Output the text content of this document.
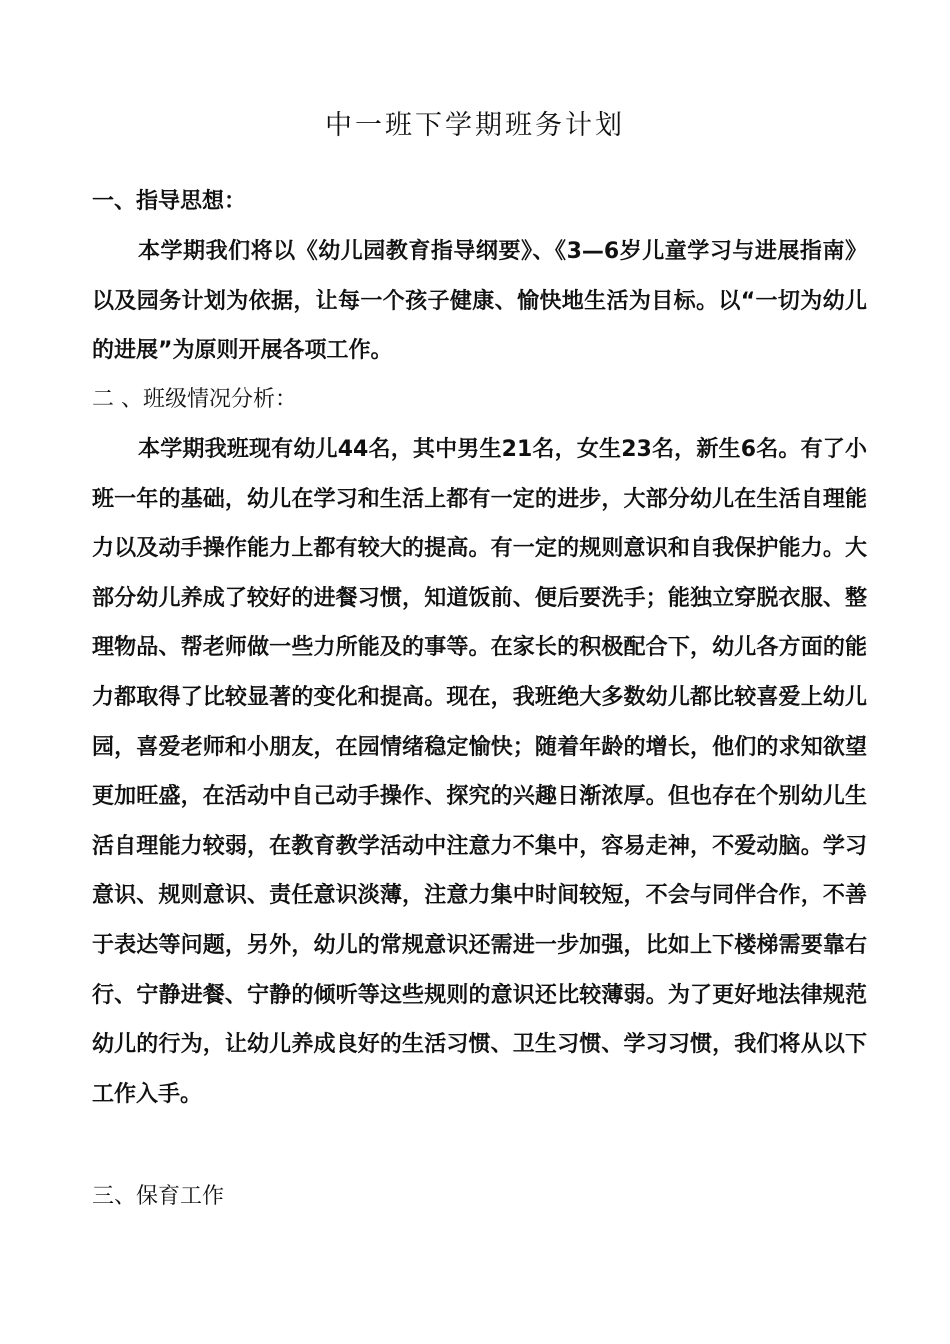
中一班下学期班务计划
一、指导思想：

本学期我们将以《幼儿园教育指导纲要》、《3—6岁儿童学习与进展指南》以及园务计划为依据，让每一个孩子健康、愉快地生活为目标。以“一切为幼儿的进展”为原则开展各项工作。

二 、班级情况分析：

本学期我班现有幼儿44名，其中男生21名，女生23名，新生6名。有了小班一年的基础，幼儿在学习和生活上都有一定的进步，大部分幼儿在生活自理能力以及动手操作能力上都有较大的提高。有一定的规则意识和自我保护能力。大部分幼儿养成了较好的进餐习惯，知道饭前、便后要洗手；能独立穿脱衣服、整理物品、帮老师做一些力所能及的事等。在家长的积极配合下，幼儿各方面的能力都取得了比较显著的变化和提高。现在，我班绝大多数幼儿都比较喜爱上幼儿园，喜爱老师和小朋友，在园情绪稳定愉快；随着年龄的增长，他们的求知欲望更加旺盛，在活动中自己动手操作、探究的兴趣日渐浓厚。但也存在个别幼儿生活自理能力较弱，在教育教学活动中注意力不集中，容易走神，不爱动脑。学习意识、规则意识、责任意识淡薄，注意力集中时间较短，不会与同伴合作，不善于表达等问题，另外，幼儿的常规意识还需进一步加强，比如上下楼梯需要靠右行、宁静进餐、宁静的倾听等这些规则的意识还比较薄弱。为了更好地法律规范幼儿的行为，让幼儿养成良好的生活习惯、卫生习惯、学习习惯，我们将从以下工作入手。

三、保育工作
